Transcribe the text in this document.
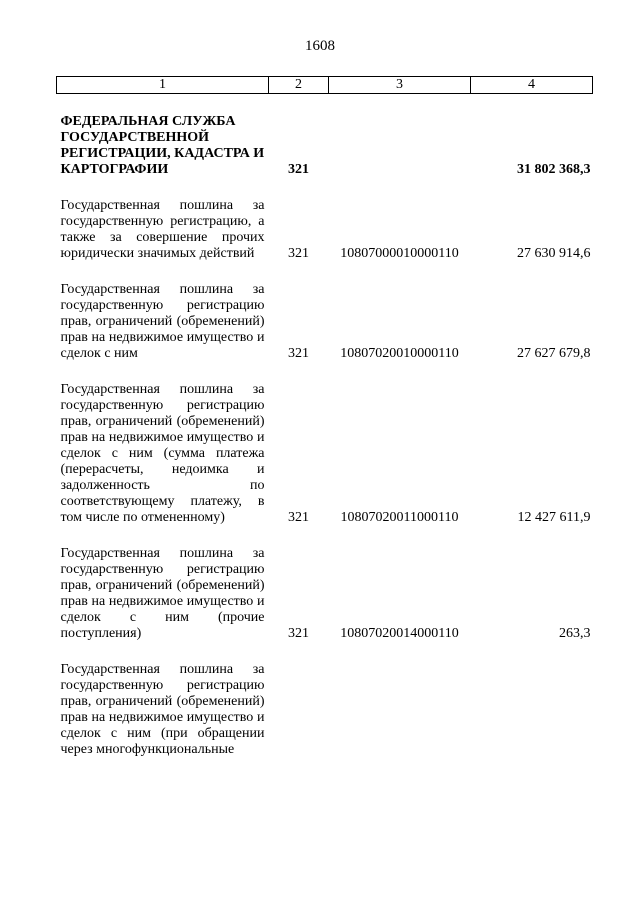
1608
1	2	3	4

ФЕДЕРАЛЬНАЯ СЛУЖБА ГОСУДАРСТВЕННОЙ РЕГИСТРАЦИИ, КАДАСТРА И КАРТОГРАФИИ	321		31 802 368,3

Государственная пошлина за государственную регистрацию, а также за совершение прочих юридически значимых действий	321	10807000010000110	27 630 914,6

Государственная пошлина за государственную регистрацию прав, ограничений (обременений) прав на недвижимое имущество и сделок с ним	321	10807020010000110	27 627 679,8

Государственная пошлина за государственную регистрацию прав, ограничений (обременений) прав на недвижимое имущество и сделок с ним (сумма платежа (перерасчеты, недоимка и задолженность по соответствующему платежу, в том числе по отмененному)	321	10807020011000110	12 427 611,9

Государственная пошлина за государственную регистрацию прав, ограничений (обременений) прав на недвижимое имущество и сделок с ним (прочие поступления)	321	10807020014000110	263,3

Государственная пошлина за государственную регистрацию прав, ограничений (обременений) прав на недвижимое имущество и сделок с ним (при обращении через многофункциональные			
